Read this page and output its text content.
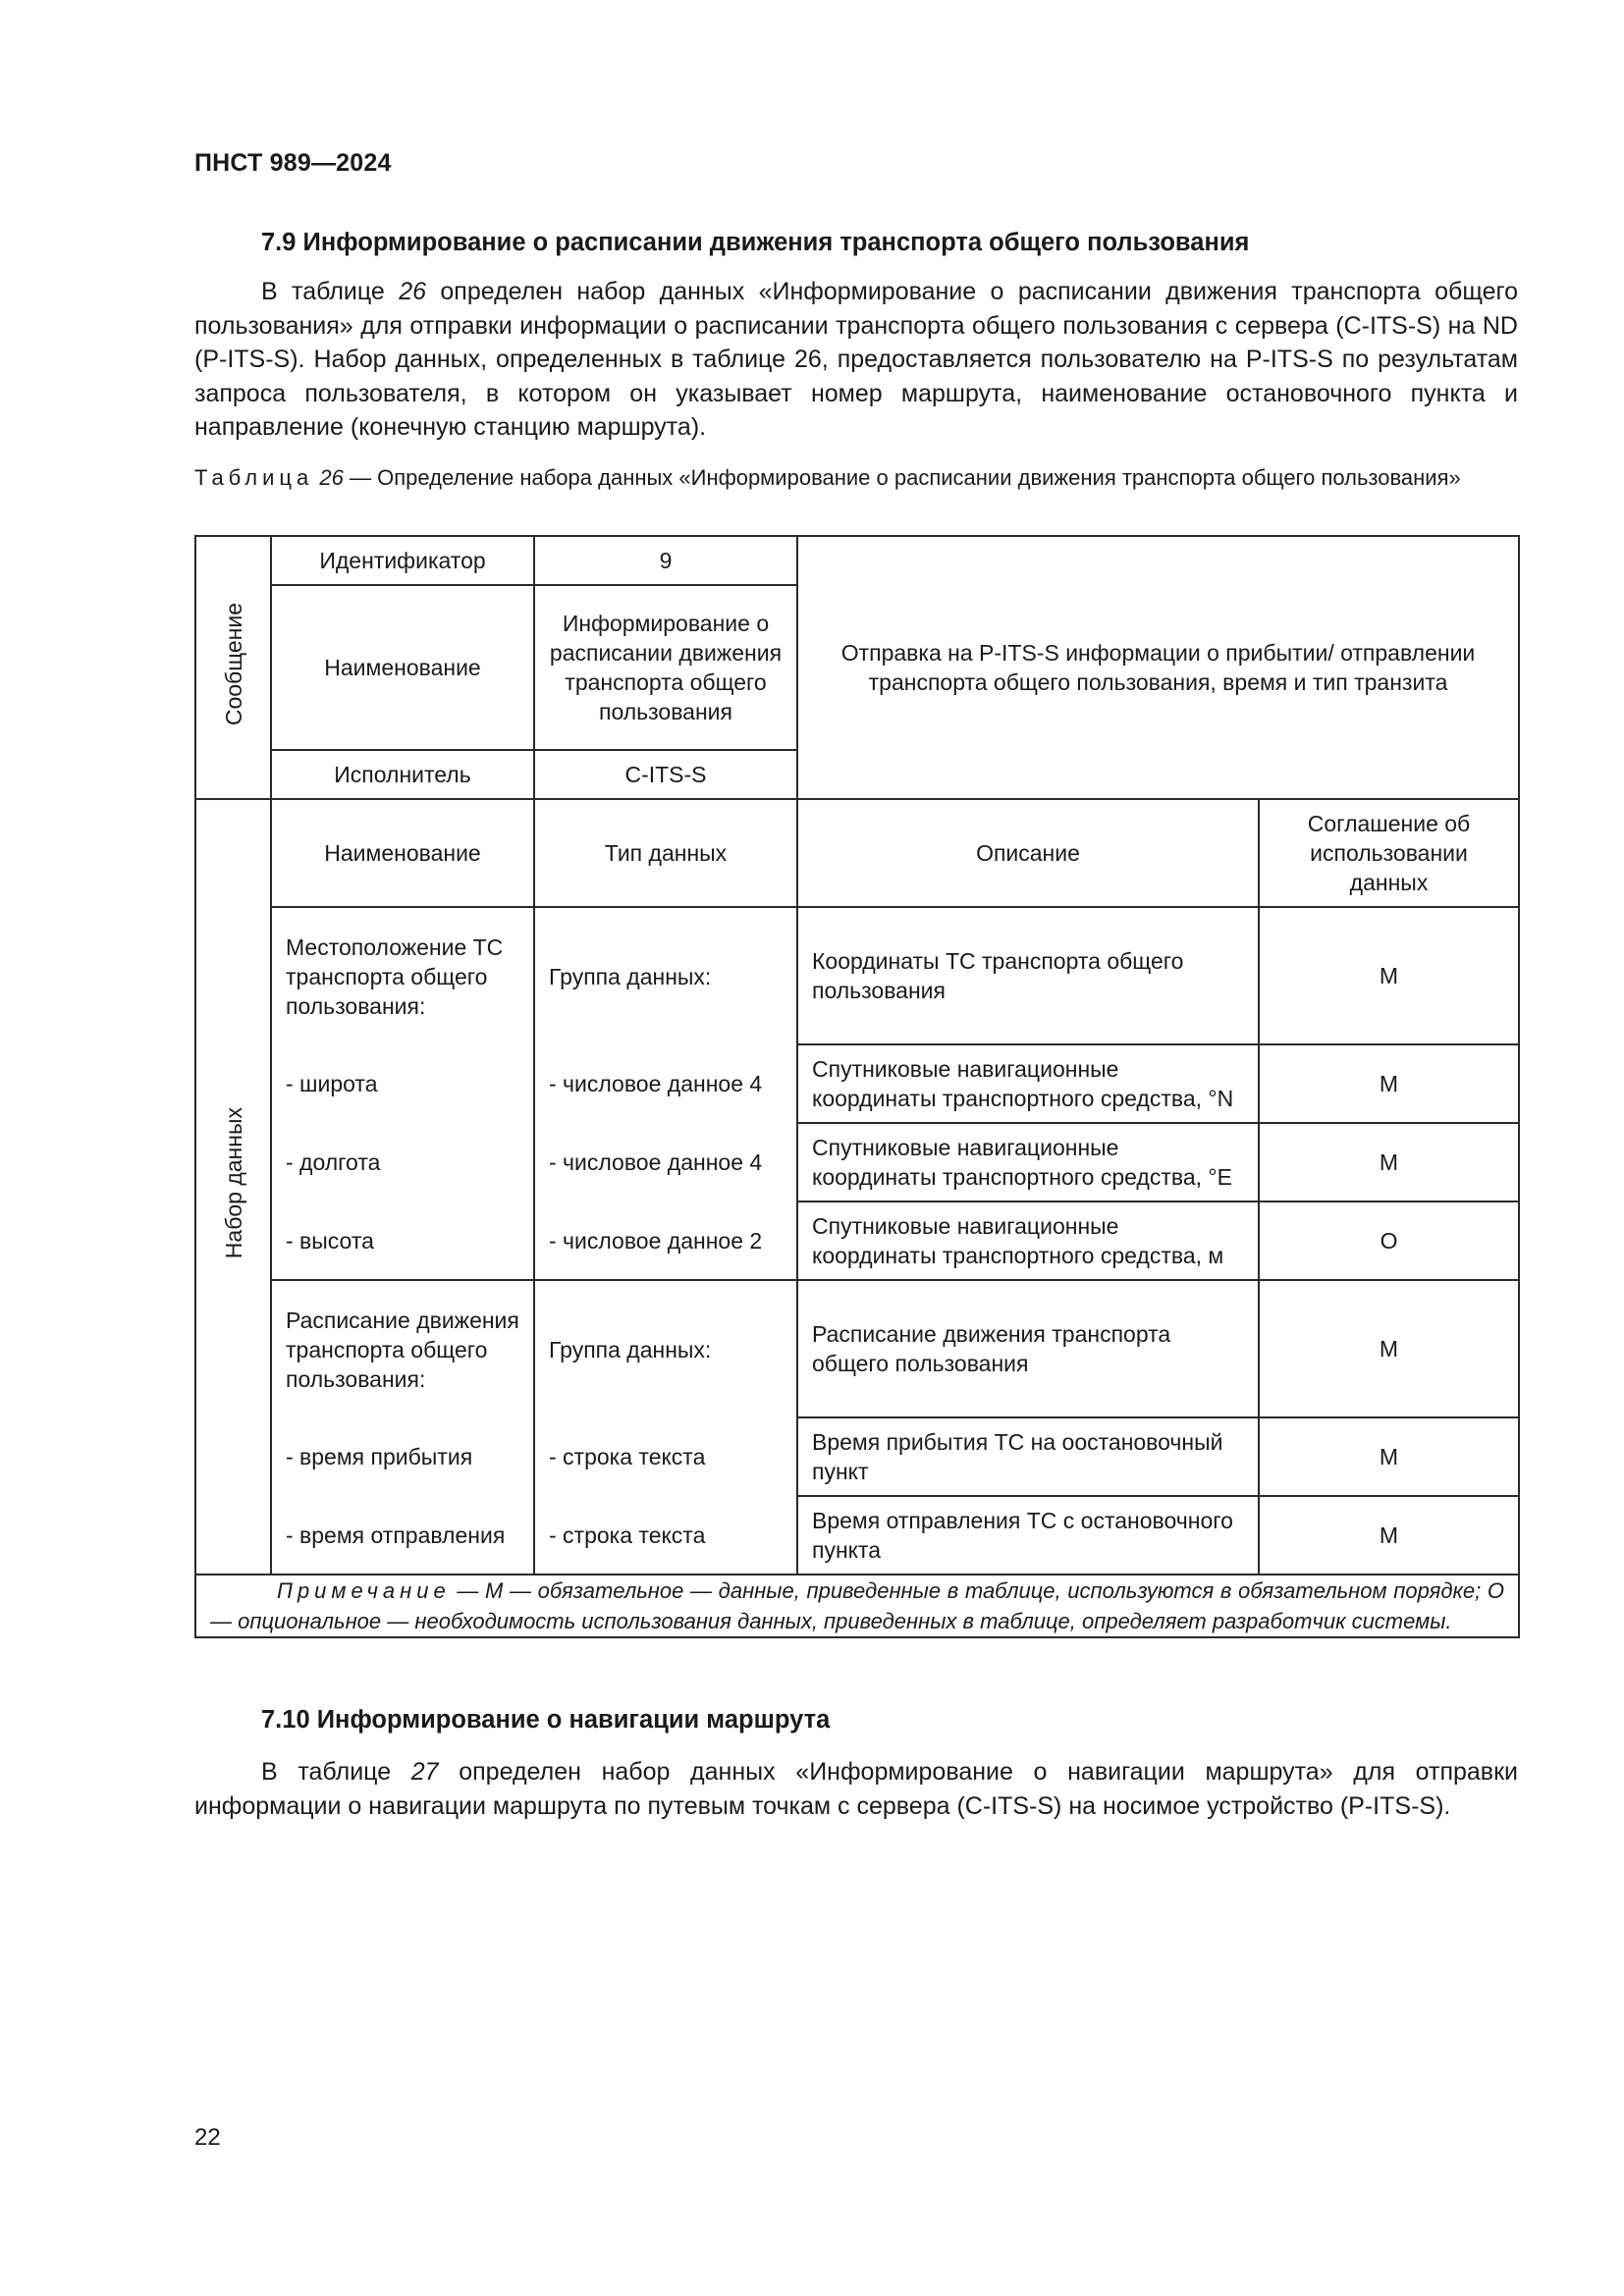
ПНСТ 989—2024
7.9 Информирование о расписании движения транспорта общего пользования

В таблице 26 определен набор данных «Информирование о расписании движения транспорта общего пользования» для отправки информации о расписании транспорта общего пользования с сервера (C-ITS-S) на ND (P-ITS-S). Набор данных, определенных в таблице 26, предоставляется пользователю на P-ITS-S по результатам запроса пользователя, в котором он указывает номер маршрута, наименование остановочного пункта и направление (конечную станцию маршрута).

Таблица 26 — Определение набора данных «Информирование о расписании движения транспорта общего пользования»

Сообщение	Идентификатор	9	Отправка на P-ITS-S информации о прибытии/ отправлении транспорта общего пользования, время и тип транзита	
	Наименование	Информирование о расписании движения транспорта общего пользования		
	Исполнитель	C-ITS-S		
Набор данных	Наименование	Тип данных	Описание	Соглашение об использовании данных
	Местоположение ТС транспорта общего пользования:	Группа данных:	Координаты ТС транспорта общего пользования	M
	- широта	- числовое данное 4	Спутниковые навигационные координаты транспортного средства, °N	M
	- долгота	- числовое данное 4	Спутниковые навигационные координаты транспортного средства, °E	M
	- высота	- числовое данное 2	Спутниковые навигационные координаты транспортного средства, м	O
	Расписание движения транспорта общего пользования:	Группа данных:	Расписание движения транспорта общего пользования	M
	- время прибытия	- строка текста	Время прибытия ТС на оостановочный пункт	M
	- время отправления	- строка текста	Время отправления ТС с остановочного пункта	M
Примечание — М — обязательное — данные, приведенные в таблице, используются в обязательном порядке; О — опциональное — необходимость использования данных, приведенных в таблице, определяет разработчик системы.				
7.10 Информирование о навигации маршрута

В таблице 27 определен набор данных «Информирование о навигации маршрута» для отправки информации о навигации маршрута по путевым точкам с сервера (C-ITS-S) на носимое устройство (P-ITS-S).

22
